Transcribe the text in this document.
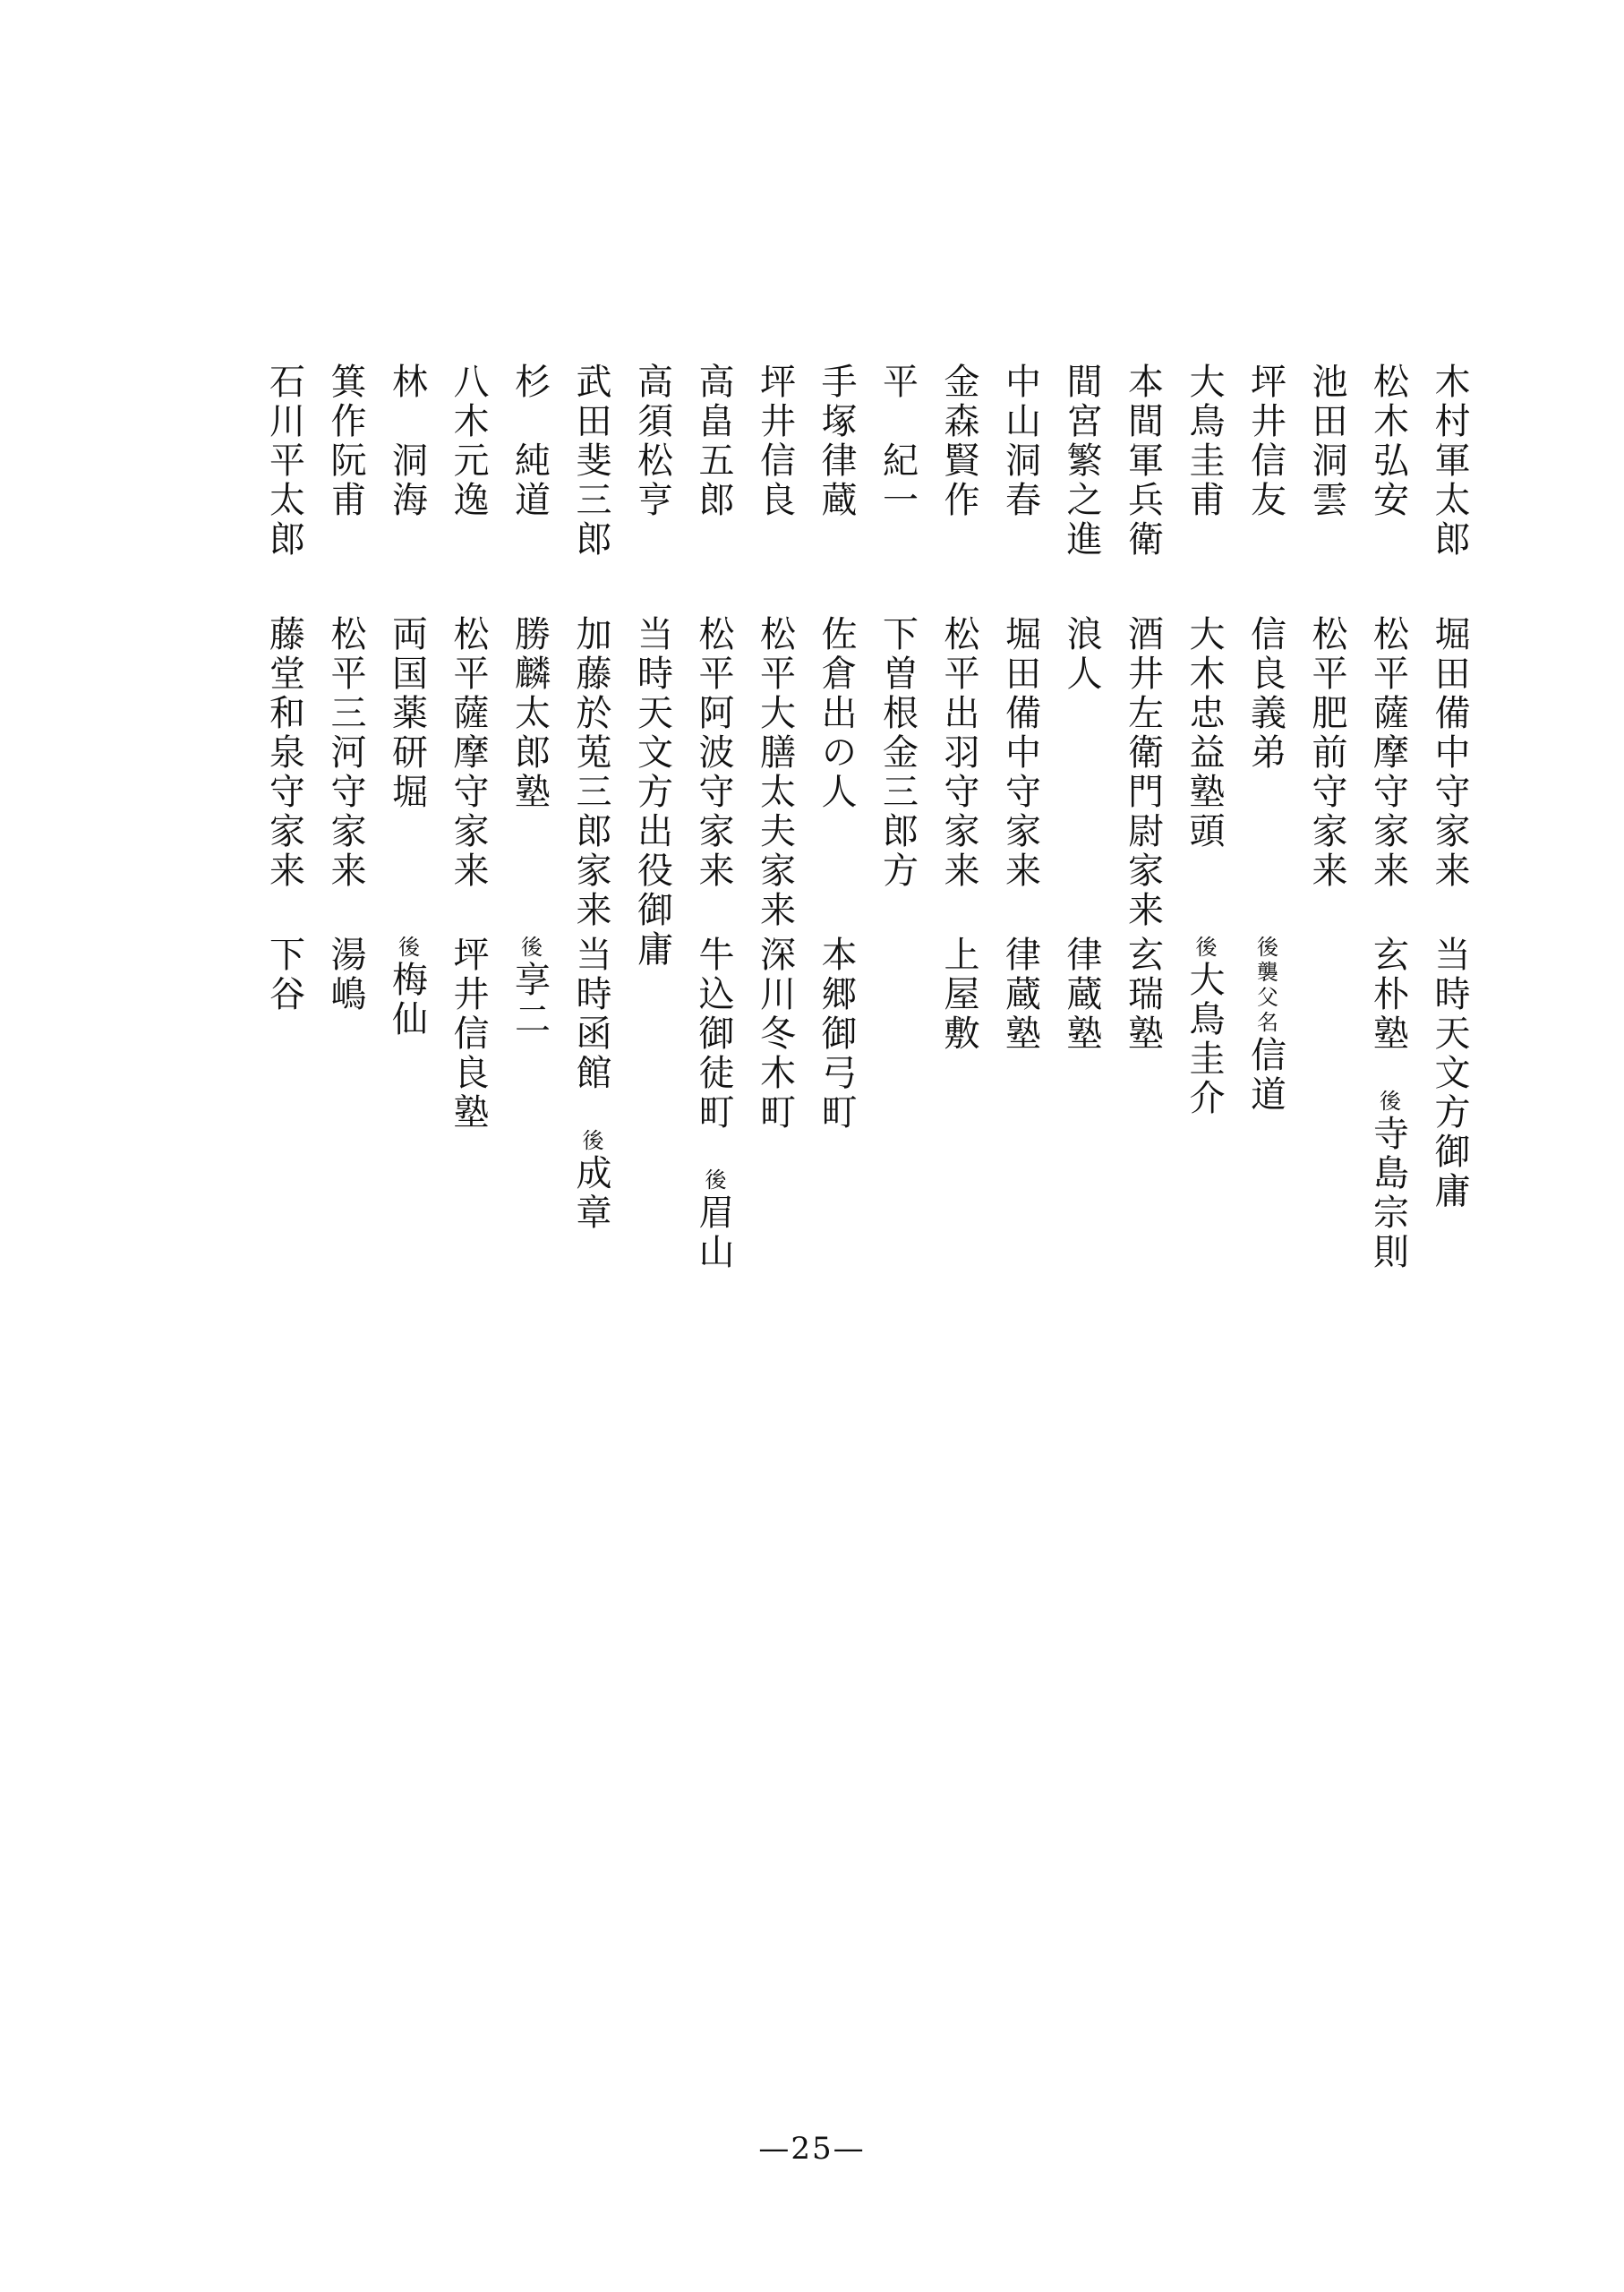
木村軍太郎
堀田備中守家来
当時天文方御庸
松木弘安
松平薩摩守家来
玄朴塾後寺島宗則
池田洞雲
松平肥前守家来
坪井信友
信良義弟
後襲父名信道
大鳥圭甫
大木忠益塾頭
後大鳥圭介
本間軍兵衛
酒井左衛門尉家来
玄瑞塾
間宮繁之進
浪人
律蔵塾
中山洞春
堀田備中守家来
律蔵塾
金森賢作
松平出羽守家来
上屋敷
平　紀一
下曽根金三郎方
手塚律蔵
佐倉出の人
本郷御弓町
坪井信良
松平大膳太夫家来
深川冬木町
高畠五郎
松平阿波守家来
牛込御徒町後眉山
高須松亨
当時天文方出役御庸
武田斐三郎
加藤於莵三郎家来
当時函館後成章
杉　純道
勝麟太郎塾
後享二
八木元逸
松平薩摩守家来
坪井信良塾
林　洞海
両国薬研堀
後梅仙
箕作阮甫
松平三河守家来
湯嶋
石川平太郎
藤堂和泉守家来
下谷
—25—
